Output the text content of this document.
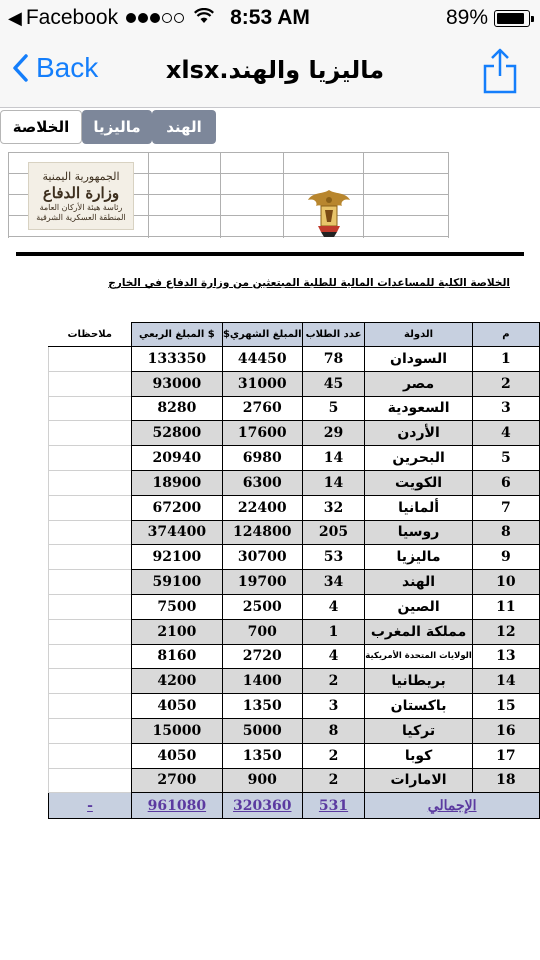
◀ Facebook	8:53 AM	89%
Back	ماليزيا والهند.xlsx
الهند
ماليزيا
الخلاصة
الجمهورية اليمنية
وزارة الدفاع
رئاسة هيئة الأركان العامة
المنطقة العسكرية الشرقية
الخلاصة الكلية للمساعدات المالية للطلبة المبتعثين من وزارة الدفاع في الخارج
م	الدولة	عدد الطلاب	المبلغ الشهري$	$ المبلغ الربعي	ملاحظات
1	السودان	78	44450	133350	
2	مصر	45	31000	93000	
3	السعودية	5	2760	8280	
4	الأردن	29	17600	52800	
5	البحرين	14	6980	20940	
6	الكويت	14	6300	18900	
7	ألمانيا	32	22400	67200	
8	روسيا	205	124800	374400	
9	ماليزيا	53	30700	92100	
10	الهند	34	19700	59100	
11	الصين	4	2500	7500	
12	مملكة المغرب	1	700	2100	
13	الولايات المتحدة الأمريكية	4	2720	8160	
14	بريطانيا	2	1400	4200	
15	باكستان	3	1350	4050	
16	تركيا	8	5000	15000	
17	كوبا	2	1350	4050	
18	الامارات	2	900	2700	
الإجمالي		531	320360	961080	-
